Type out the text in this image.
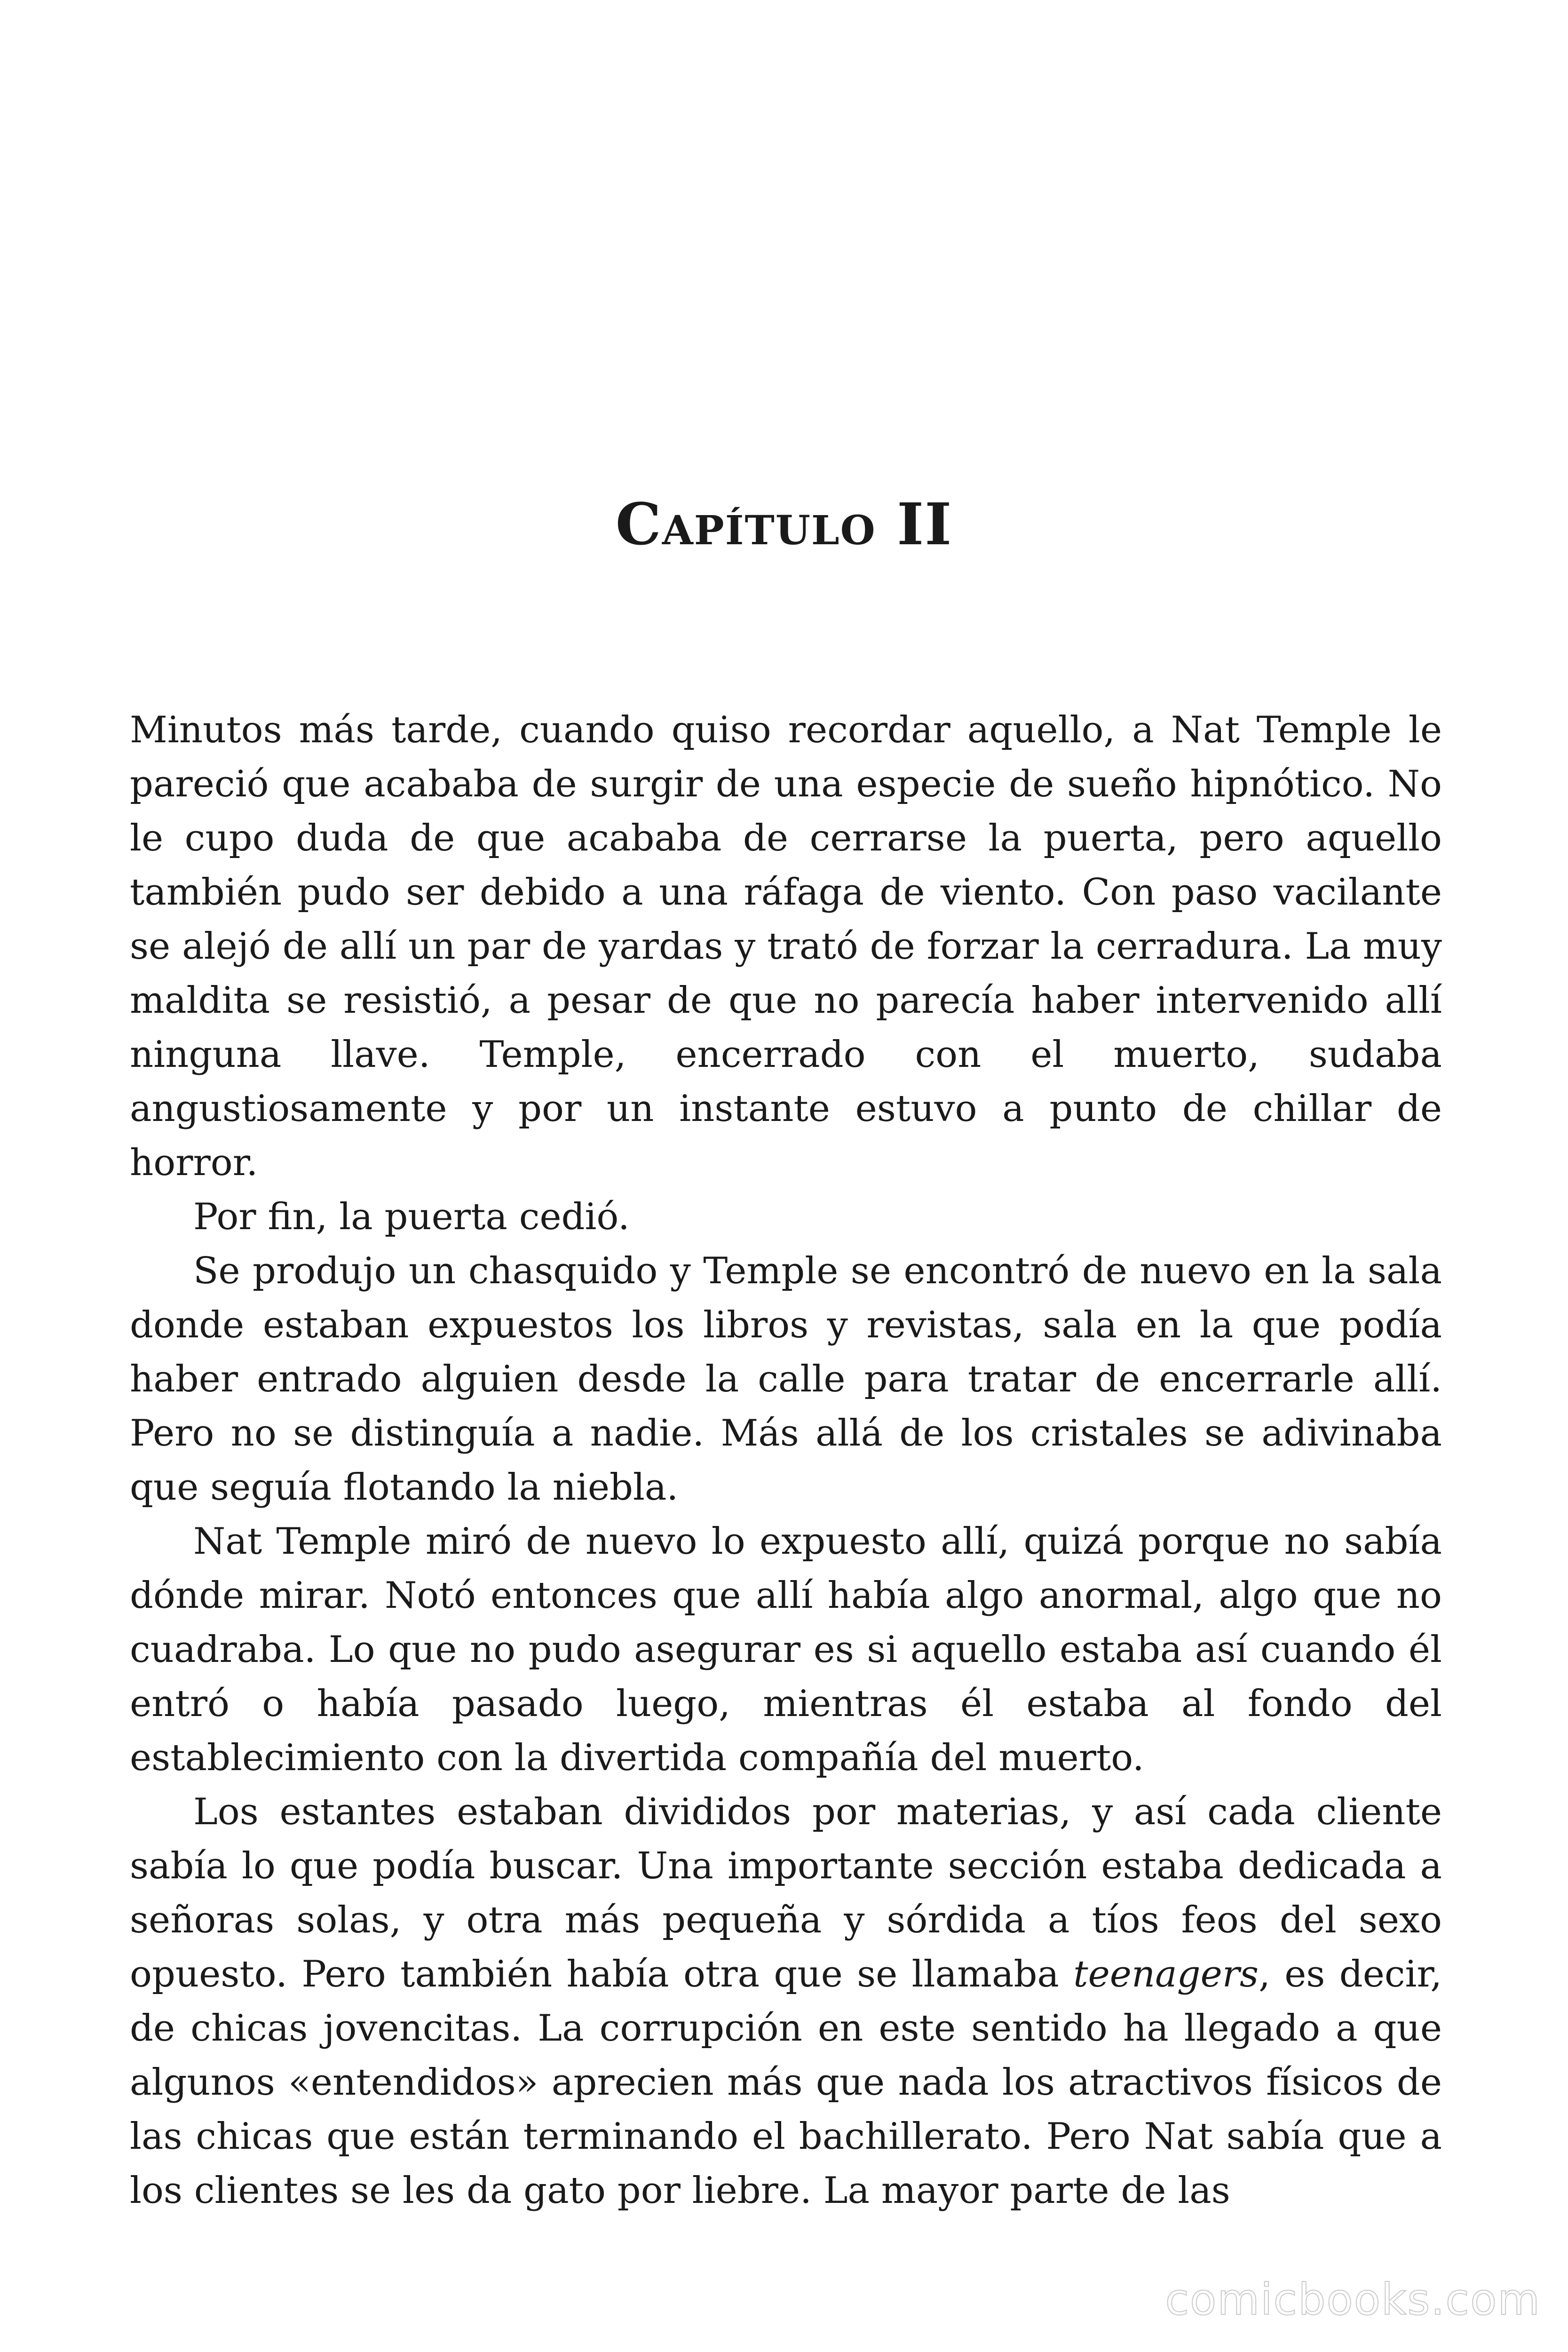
Capítulo II

Minutos más tarde, cuando quiso recordar aquello, a Nat Temple le pareció que acababa de surgir de una especie de sueño hipnótico. No le cupo duda de que acababa de cerrarse la puerta, pero aquello también pudo ser debido a una ráfaga de viento. Con paso vacilante se alejó de allí un par de yardas y trató de forzar la cerradura. La muy maldita se resistió, a pesar de que no parecía haber intervenido allí ninguna llave. Temple, encerrado con el muerto, sudaba angustiosamente y por un instante estuvo a punto de chillar de horror.

Por fin, la puerta cedió.

Se produjo un chasquido y Temple se encontró de nuevo en la sala donde estaban expuestos los libros y revistas, sala en la que podía haber entrado alguien desde la calle para tratar de encerrarle allí. Pero no se distinguía a nadie. Más allá de los cristales se adivinaba que seguía flotando la niebla.

Nat Temple miró de nuevo lo expuesto allí, quizá porque no sabía dónde mirar. Notó entonces que allí había algo anormal, algo que no cuadraba. Lo que no pudo asegurar es si aquello estaba así cuando él entró o había pasado luego, mientras él estaba al fondo del establecimiento con la divertida compañía del muerto.

Los estantes estaban divididos por materias, y así cada cliente sabía lo que podía buscar. Una importante sección estaba dedicada a señoras solas, y otra más pequeña y sórdida a tíos feos del sexo opuesto. Pero también había otra que se llamaba teenagers, es decir, de chicas jovencitas. La corrupción en este sentido ha llegado a que algunos «entendidos» aprecien más que nada los atractivos físicos de las chicas que están terminando el bachillerato. Pero Nat sabía que a los clientes se les da gato por liebre. La mayor parte de las

comicbooks.com
